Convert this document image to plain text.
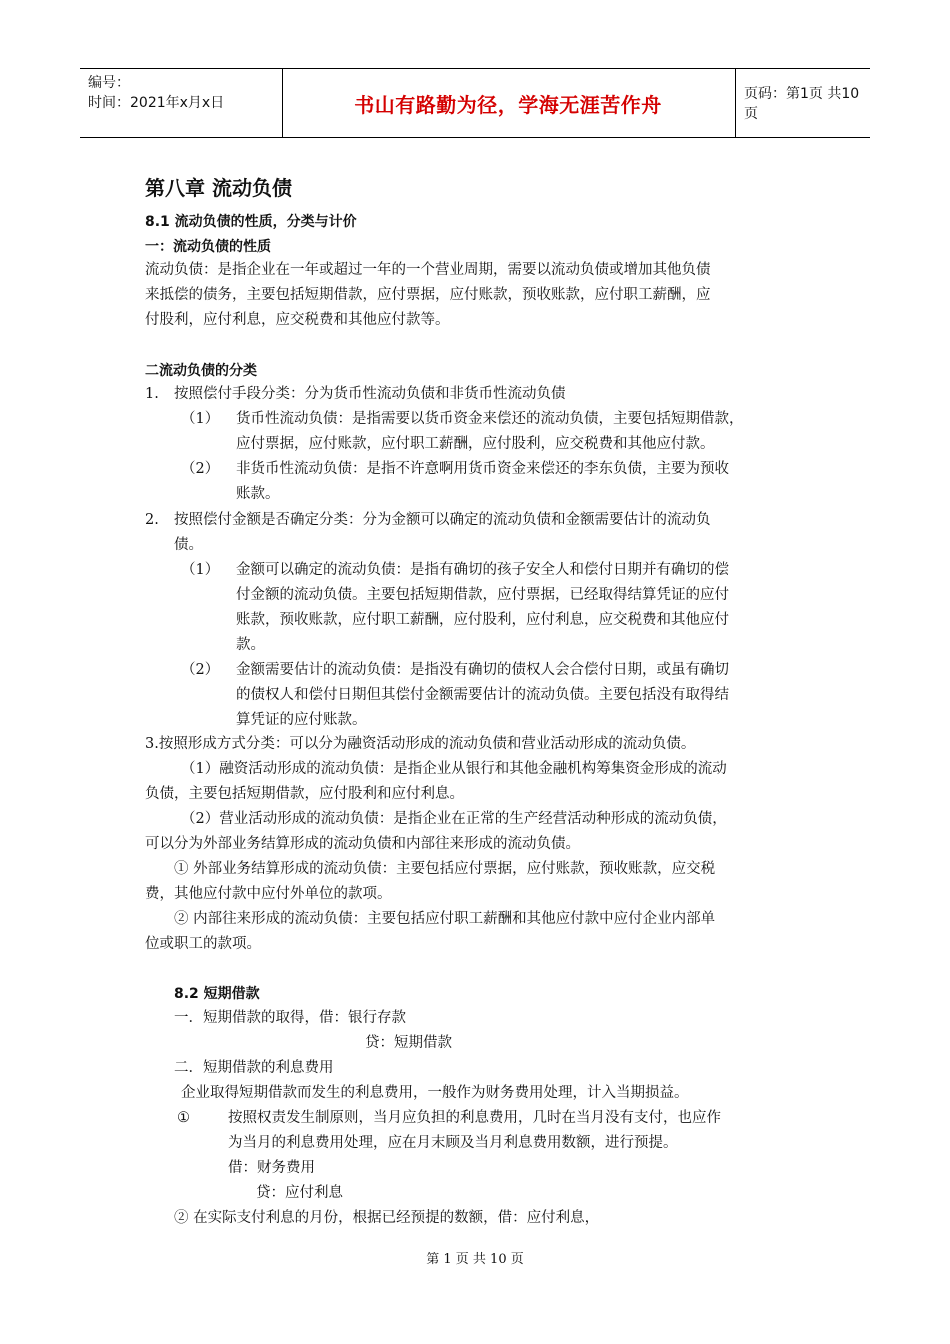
编号：
时间：2021年x月x日	书山有路勤为径，学海无涯苦作舟	页码：第1页 共10页
第八章 流动负债
8.1 流动负债的性质，分类与计价
一：流动负债的性质
流动负债：是指企业在一年或超过一年的一个营业周期，需要以流动负债或增加其他负债
来抵偿的债务，主要包括短期借款，应付票据，应付账款，预收账款，应付职工薪酬，应
付股利，应付利息，应交税费和其他应付款等。
二流动负债的分类
1. 按照偿付手段分类：分为货币性流动负债和非货币性流动负债
（1） 货币性流动负债：是指需要以货币资金来偿还的流动负债，主要包括短期借款，
应付票据，应付账款，应付职工薪酬，应付股利，应交税费和其他应付款。
（2） 非货币性流动负债：是指不许意啊用货币资金来偿还的李东负债，主要为预收
账款。
2. 按照偿付金额是否确定分类：分为金额可以确定的流动负债和金额需要估计的流动负
债。
（1） 金额可以确定的流动负债：是指有确切的孩子安全人和偿付日期并有确切的偿
付金额的流动负债。主要包括短期借款，应付票据，已经取得结算凭证的应付
账款，预收账款，应付职工薪酬，应付股利，应付利息，应交税费和其他应付
款。
（2） 金额需要估计的流动负债：是指没有确切的债权人会合偿付日期，或虽有确切
的债权人和偿付日期但其偿付金额需要估计的流动负债。主要包括没有取得结
算凭证的应付账款。
3.按照形成方式分类：可以分为融资活动形成的流动负债和营业活动形成的流动负债。
（1）融资活动形成的流动负债：是指企业从银行和其他金融机构筹集资金形成的流动
负债，主要包括短期借款，应付股利和应付利息。
（2）营业活动形成的流动负债：是指企业在正常的生产经营活动种形成的流动负债，
可以分为外部业务结算形成的流动负债和内部往来形成的流动负债。
① 外部业务结算形成的流动负债：主要包括应付票据，应付账款，预收账款，应交税
费，其他应付款中应付外单位的款项。
② 内部往来形成的流动负债：主要包括应付职工薪酬和其他应付款中应付企业内部单
位或职工的款项。
8.2 短期借款
一．短期借款的取得，借：银行存款
贷：短期借款
二．短期借款的利息费用
企业取得短期借款而发生的利息费用，一般作为财务费用处理，计入当期损益。
①	按照权责发生制原则，当月应负担的利息费用，几时在当月没有支付，也应作
为当月的利息费用处理，应在月末顾及当月利息费用数额，进行预提。
借：财务费用
贷：应付利息
② 在实际支付利息的月份，根据已经预提的数额，借：应付利息，
第 1 页 共 10 页
